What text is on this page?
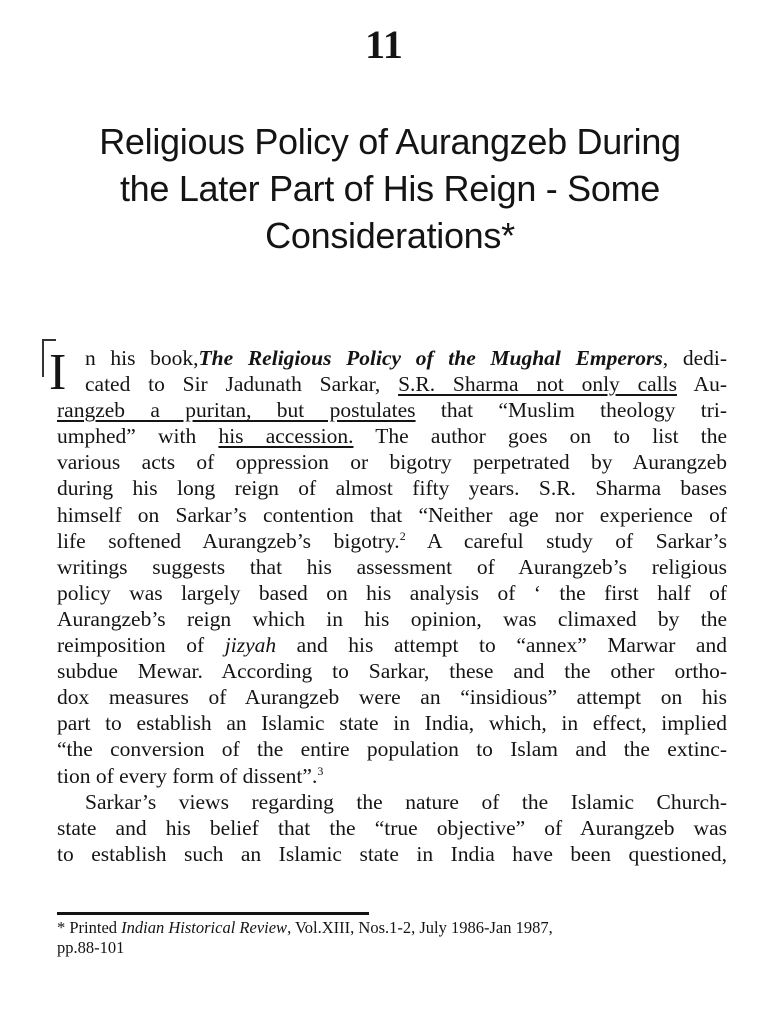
11
Religious Policy of Aurangzeb During
the Later Part of His Reign - Some
Considerations*
I n his book,The Religious Policy of the Mughal Emperors, dedi-
cated to Sir Jadunath Sarkar, S.R. Sharma not only calls Au-
rangzeb a puritan, but postulates that “Muslim theology tri-
umphed” with his accession. The author goes on to list the
various acts of oppression or bigotry perpetrated by Aurangzeb
during his long reign of almost fifty years. S.R. Sharma bases
himself on Sarkar’s contention that “Neither age nor experience of
life softened Aurangzeb’s bigotry.$^2$ A careful study of Sarkar’s
writings suggests that his assessment of Aurangzeb’s religious
policy was largely based on his analysis of ‘ the first half of
Aurangzeb’s reign which in his opinion, was climaxed by the
reimposition of jizyah and his attempt to “annex” Marwar and
subdue Mewar. According to Sarkar, these and the other ortho-
dox measures of Aurangzeb were an “insidious” attempt on his
part to establish an Islamic state in India, which, in effect, implied
“the conversion of the entire population to Islam and the extinc-
tion of every form of dissent”.$^3$
Sarkar’s views regarding the nature of the Islamic Church-
state and his belief that the “true objective” of Aurangzeb was
to establish such an Islamic state in India have been questioned,
* Printed Indian Historical Review, Vol.XIII, Nos.1-2, July 1986-Jan 1987,
pp.88-101
